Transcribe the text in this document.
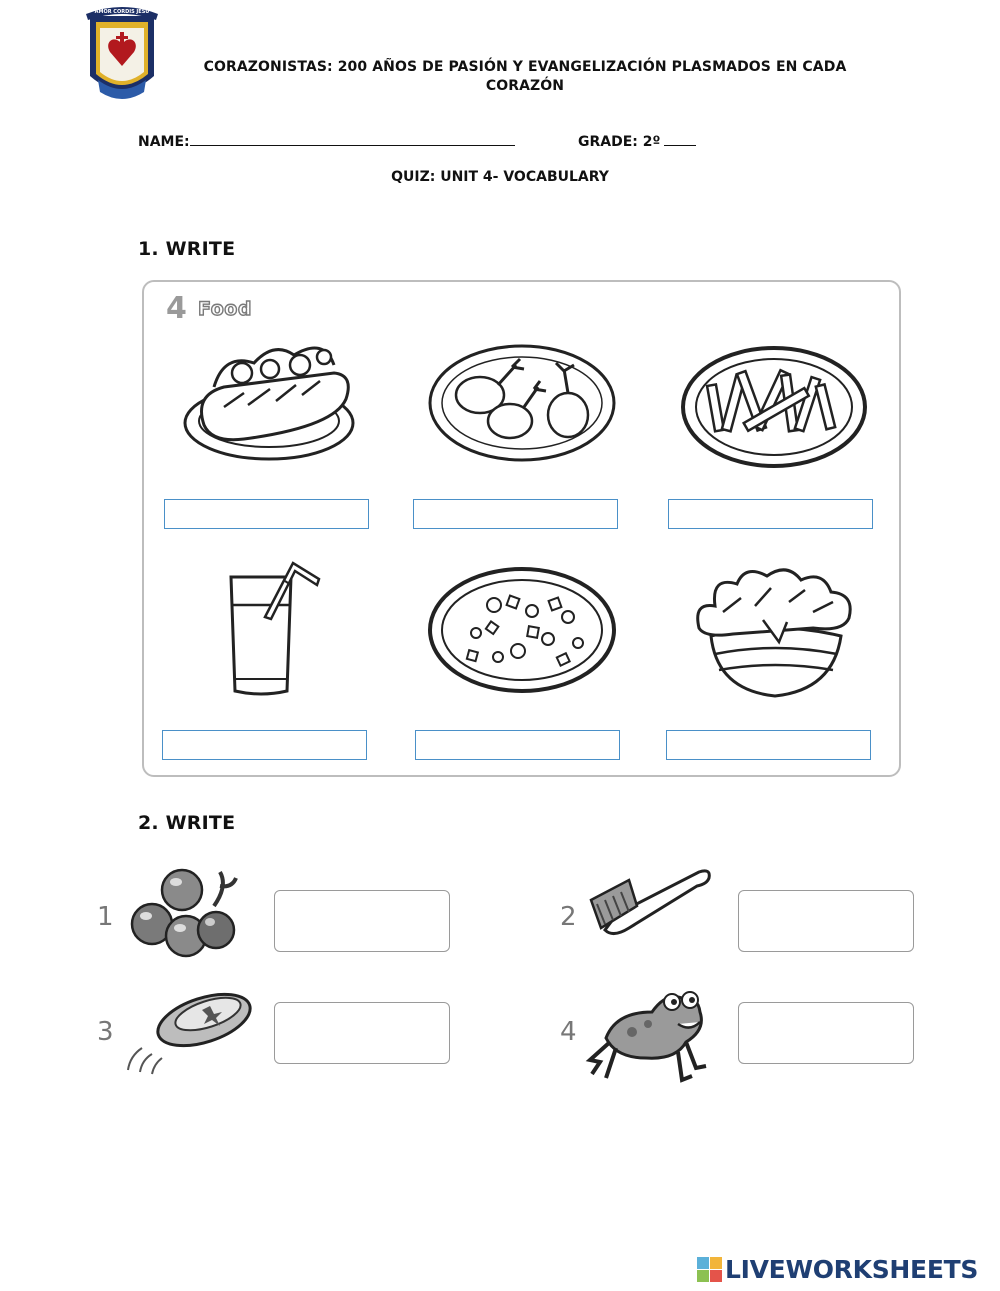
AMOR CORDIS JESU
CORAZONISTAS: 200 AÑOS DE PASIÓN Y EVANGELIZACIÓN PLASMADOS EN CADA CORAZÓN
NAME:	GRADE: 2º
QUIZ: UNIT 4- VOCABULARY
1. WRITE
4 Food
2. WRITE
1	2
3	4
LIVEWORKSHEETS
